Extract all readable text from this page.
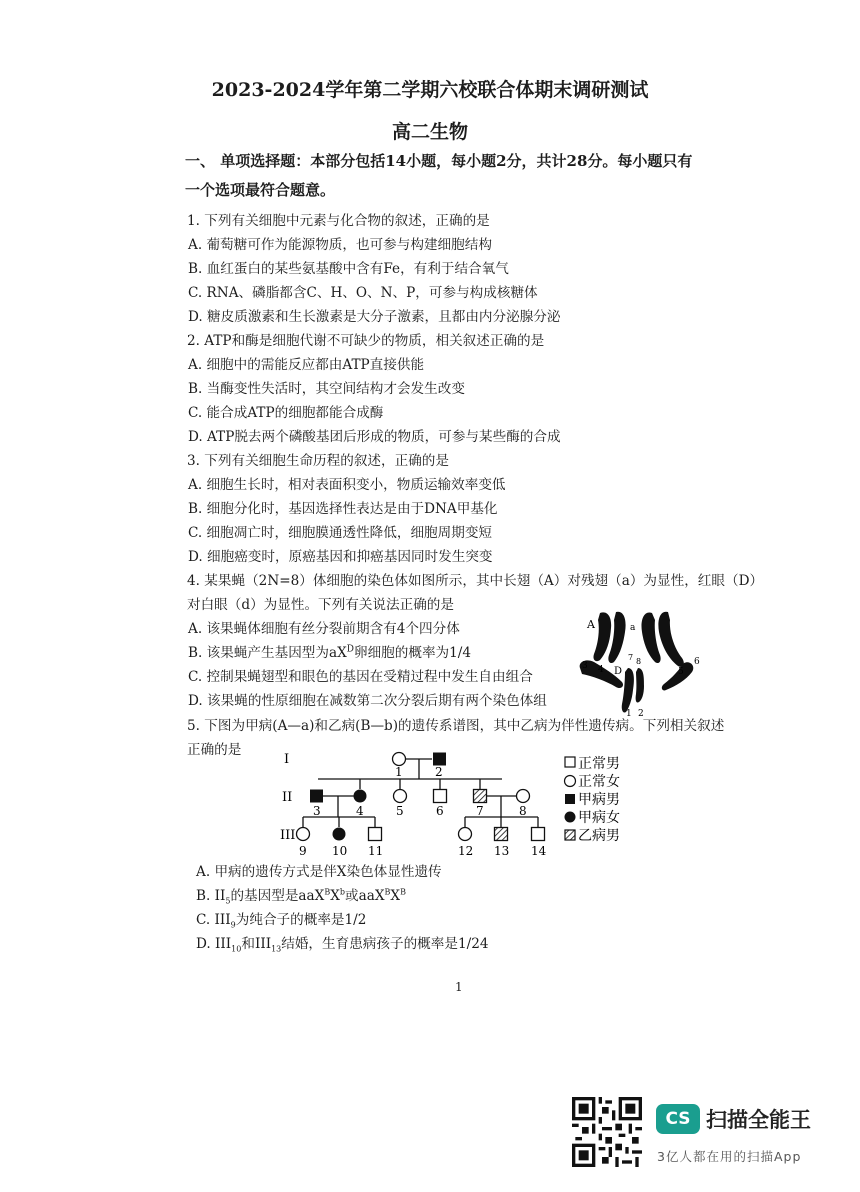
2023-2024学年第二学期六校联合体期末调研测试
高二生物
一、 单项选择题：本部分包括14小题，每小题2分，共计28分。每小题只有
一个选项最符合题意。
1. 下列有关细胞中元素与化合物的叙述，正确的是
A. 葡萄糖可作为能源物质，也可参与构建细胞结构
B. 血红蛋白的某些氨基酸中含有Fe，有利于结合氧气
C. RNA、磷脂都含C、H、O、N、P，可参与构成核糖体
D. 糖皮质激素和生长激素是大分子激素，且都由内分泌腺分泌
2. ATP和酶是细胞代谢不可缺少的物质，相关叙述正确的是
A. 细胞中的需能反应都由ATP直接供能
B. 当酶变性失活时，其空间结构才会发生改变
C. 能合成ATP的细胞都能合成酶
D. ATP脱去两个磷酸基团后形成的物质，可参与某些酶的合成
3. 下列有关细胞生命历程的叙述，正确的是
A. 细胞生长时，相对表面积变小，物质运输效率变低
B. 细胞分化时，基因选择性表达是由于DNA甲基化
C. 细胞凋亡时，细胞膜通透性降低，细胞周期变短
D. 细胞癌变时，原癌基因和抑癌基因同时发生突变
4. 某果蝇（2N=8）体细胞的染色体如图所示，其中长翅（A）对残翅（a）为显性，红眼（D）
对白眼（d）为显性。下列有关说法正确的是
A. 该果蝇体细胞有丝分裂前期含有4个四分体
B. 该果蝇产生基因型为$aX^D$卵细胞的概率为1/4
C. 控制果蝇翅型和眼色的基因在受精过程中发生自由组合
D. 该果蝇的性原细胞在减数第二次分裂后期有两个染色体组
A	a
D
1 2
3 4	5
6
7 8
5. 下图为甲病(A—a)和乙病(B—b)的遗传系谱图，其中乙病为伴性遗传病。下列相关叙述
正确的是
I
II
III
1	2
3	4	5	6	7	8
9 10 11	12 13 14
正常男
正常女
甲病男
甲病女
乙病男
A. 甲病的遗传方式是伴X染色体显性遗传
B. $II_5$的基因型是$aaX^BX^b$或$aaX^BX^B$
C. $III_9$为纯合子的概率是1/2
D. $III_{10}$和$III_{13}$结婚，生育患病孩子的概率是1/24
1
CS 扫描全能王
3亿人都在用的扫描App
